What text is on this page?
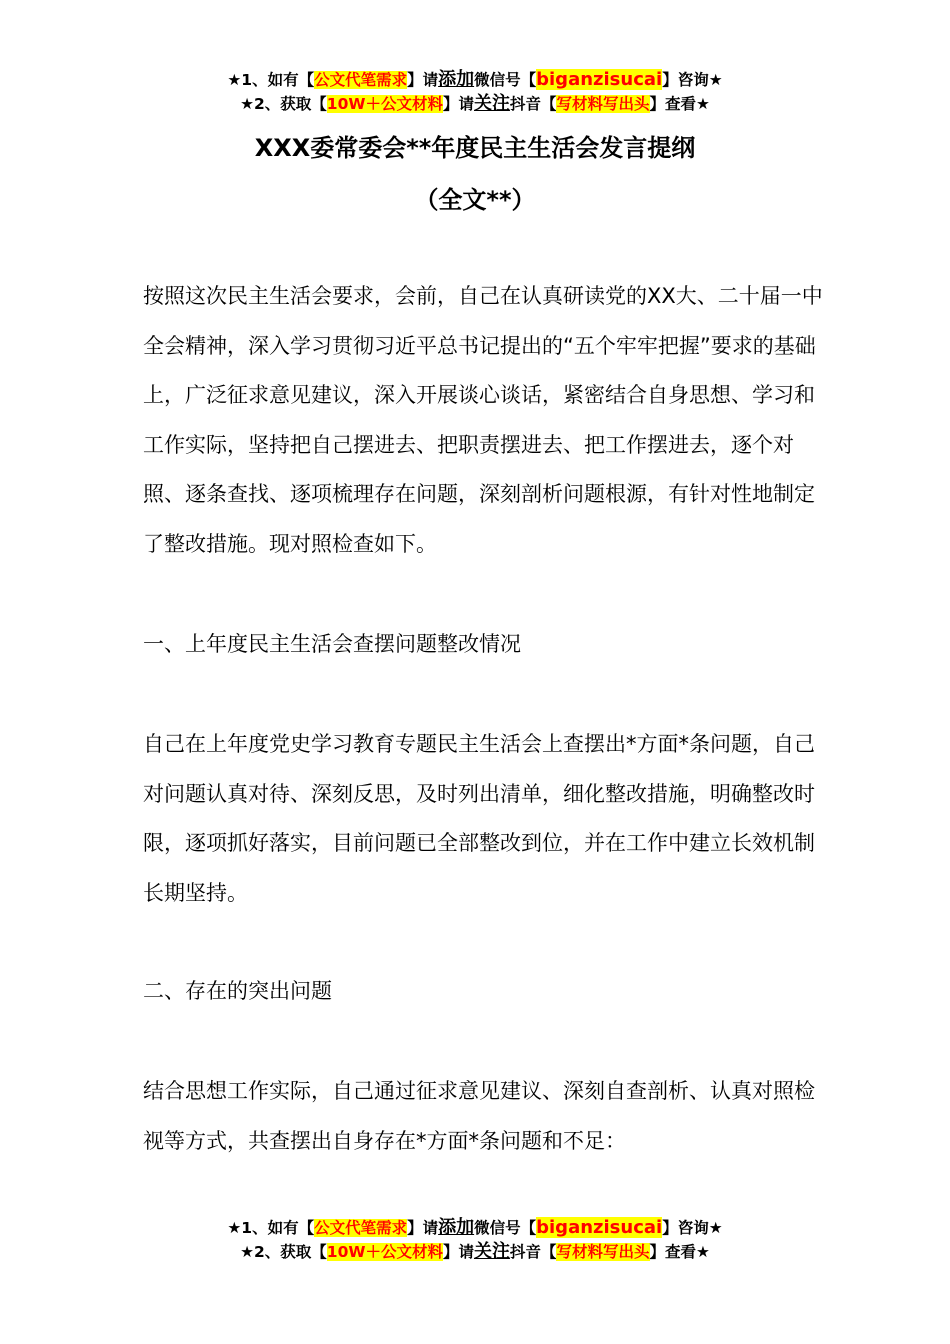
★1、如有【公文代笔需求】请添加微信号【biganzisucai】咨询★
★2、获取【10W＋公文材料】请关注抖音【写材料写出头】查看★
XXX委常委会**年度民主生活会发言提纲
（全文**）

按照这次民主生活会要求，会前，自己在认真研读党的XX大、二十届一中全会精神，深入学习贯彻习近平总书记提出的“五个牢牢把握”要求的基础上，广泛征求意见建议，深入开展谈心谈话，紧密结合自身思想、学习和工作实际，坚持把自己摆进去、把职责摆进去、把工作摆进去，逐个对照、逐条查找、逐项梳理存在问题，深刻剖析问题根源，有针对性地制定了整改措施。现对照检查如下。

一、上年度民主生活会查摆问题整改情况

自己在上年度党史学习教育专题民主生活会上查摆出*方面*条问题，自己对问题认真对待、深刻反思，及时列出清单，细化整改措施，明确整改时限，逐项抓好落实，目前问题已全部整改到位，并在工作中建立长效机制长期坚持。

二、存在的突出问题

结合思想工作实际，自己通过征求意见建议、深刻自查剖析、认真对照检视等方式，共查摆出自身存在*方面*条问题和不足：

★1、如有【公文代笔需求】请添加微信号【biganzisucai】咨询★
★2、获取【10W＋公文材料】请关注抖音【写材料写出头】查看★
